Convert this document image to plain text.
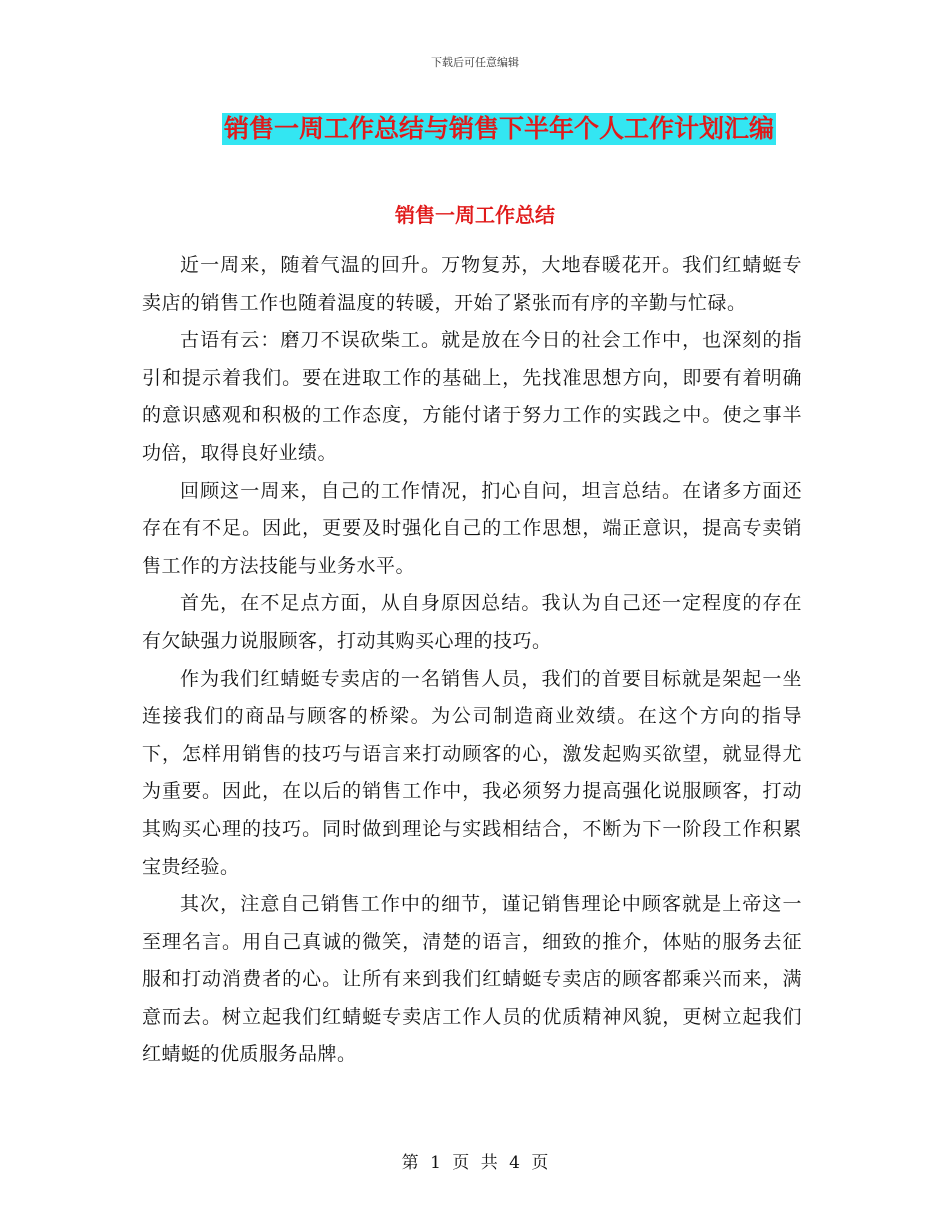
下载后可任意编辑
销售一周工作总结与销售下半年个人工作计划汇编
销售一周工作总结

近一周来，随着气温的回升。万物复苏，大地春暖花开。我们红蜻蜓专卖店的销售工作也随着温度的转暖，开始了紧张而有序的辛勤与忙碌。

古语有云：磨刀不误砍柴工。就是放在今日的社会工作中，也深刻的指引和提示着我们。要在进取工作的基础上，先找准思想方向，即要有着明确的意识感观和积极的工作态度，方能付诸于努力工作的实践之中。使之事半功倍，取得良好业绩。

回顾这一周来，自己的工作情况，扪心自问，坦言总结。在诸多方面还存在有不足。因此，更要及时强化自己的工作思想，端正意识，提高专卖销售工作的方法技能与业务水平。

首先，在不足点方面，从自身原因总结。我认为自己还一定程度的存在有欠缺强力说服顾客，打动其购买心理的技巧。

作为我们红蜻蜓专卖店的一名销售人员，我们的首要目标就是架起一坐连接我们的商品与顾客的桥梁。为公司制造商业效绩。在这个方向的指导下，怎样用销售的技巧与语言来打动顾客的心，激发起购买欲望，就显得尤为重要。因此，在以后的销售工作中，我必须努力提高强化说服顾客，打动其购买心理的技巧。同时做到理论与实践相结合，不断为下一阶段工作积累宝贵经验。

其次，注意自己销售工作中的细节，谨记销售理论中顾客就是上帝这一至理名言。用自己真诚的微笑，清楚的语言，细致的推介，体贴的服务去征服和打动消费者的心。让所有来到我们红蜻蜓专卖店的顾客都乘兴而来，满意而去。树立起我们红蜻蜓专卖店工作人员的优质精神风貌，更树立起我们红蜻蜓的优质服务品牌。

第 1 页 共 4 页
